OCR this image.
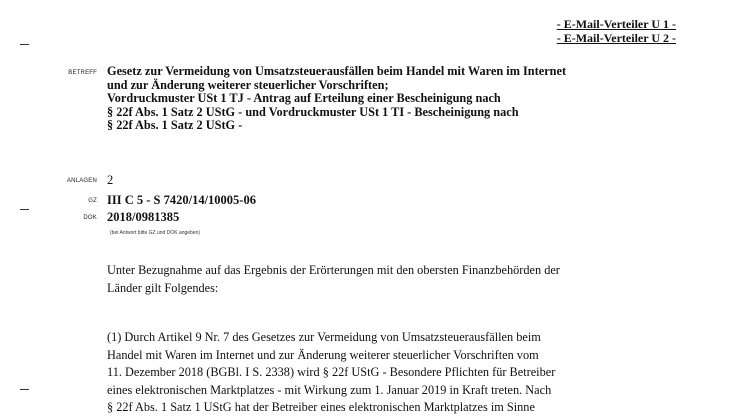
- E-Mail-Verteiler U 1 -
- E-Mail-Verteiler U 2 -
BETREFF Gesetz zur Vermeidung von Umsatzsteuerausfällen beim Handel mit Waren im Internet
und zur Änderung weiterer steuerlicher Vorschriften;
Vordruckmuster USt 1 TJ - Antrag auf Erteilung einer Bescheinigung nach
§ 22f Abs. 1 Satz 2 UStG - und Vordruckmuster USt 1 TI - Bescheinigung nach
§ 22f Abs. 1 Satz 2 UStG -
ANLAGEN 2
GZ III C 5 - S 7420/14/10005-06
DOK 2018/0981385
(bei Antwort bitte GZ und DOK angeben)
Unter Bezugnahme auf das Ergebnis der Erörterungen mit den obersten Finanzbehörden der
Länder gilt Folgendes:
(1) Durch Artikel 9 Nr. 7 des Gesetzes zur Vermeidung von Umsatzsteuerausfällen beim
Handel mit Waren im Internet und zur Änderung weiterer steuerlicher Vorschriften vom
11. Dezember 2018 (BGBl. I S. 2338) wird § 22f UStG - Besondere Pflichten für Betreiber
eines elektronischen Marktplatzes - mit Wirkung zum 1. Januar 2019 in Kraft treten. Nach
§ 22f Abs. 1 Satz 1 UStG hat der Betreiber eines elektronischen Marktplatzes im Sinne
